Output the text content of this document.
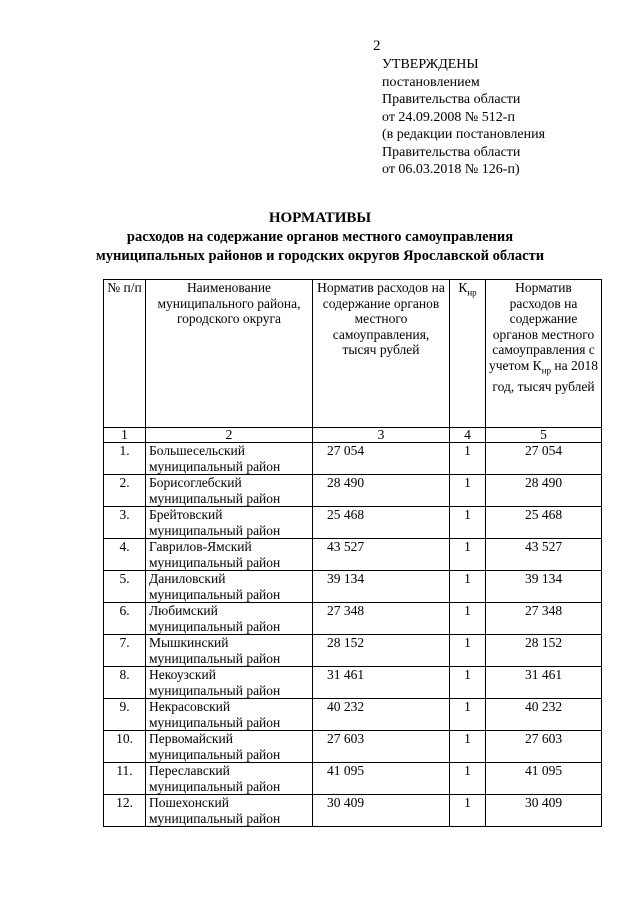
2
УТВЕРЖДЕНЫ
постановлением
Правительства области
от 24.09.2008 № 512-п
(в редакции постановления
Правительства области
от 06.03.2018 № 126-п)
НОРМАТИВЫ
расходов на содержание органов местного самоуправления
муниципальных районов и городских округов Ярославской области
№ п/п	Наименование муниципального района, городского округа	Норматив расходов на содержание органов местного самоуправления, тысяч рублей	$К_{нр}$	Норматив расходов на содержание органов местного самоуправления с учетом $К_{нр}$ на 2018 год, тысяч рублей
1	2	3	4	5
1.	Большесельский муниципальный район	27 054	1	27 054
2.	Борисоглебский муниципальный район	28 490	1	28 490
3.	Брейтовский муниципальный район	25 468	1	25 468
4.	Гаврилов-Ямский муниципальный район	43 527	1	43 527
5.	Даниловский муниципальный район	39 134	1	39 134
6.	Любимский муниципальный район	27 348	1	27 348
7.	Мышкинский муниципальный район	28 152	1	28 152
8.	Некоузский муниципальный район	31 461	1	31 461
9.	Некрасовский муниципальный район	40 232	1	40 232
10.	Первомайский муниципальный район	27 603	1	27 603
11.	Переславский муниципальный район	41 095	1	41 095
12.	Пошехонский муниципальный район	30 409	1	30 409
